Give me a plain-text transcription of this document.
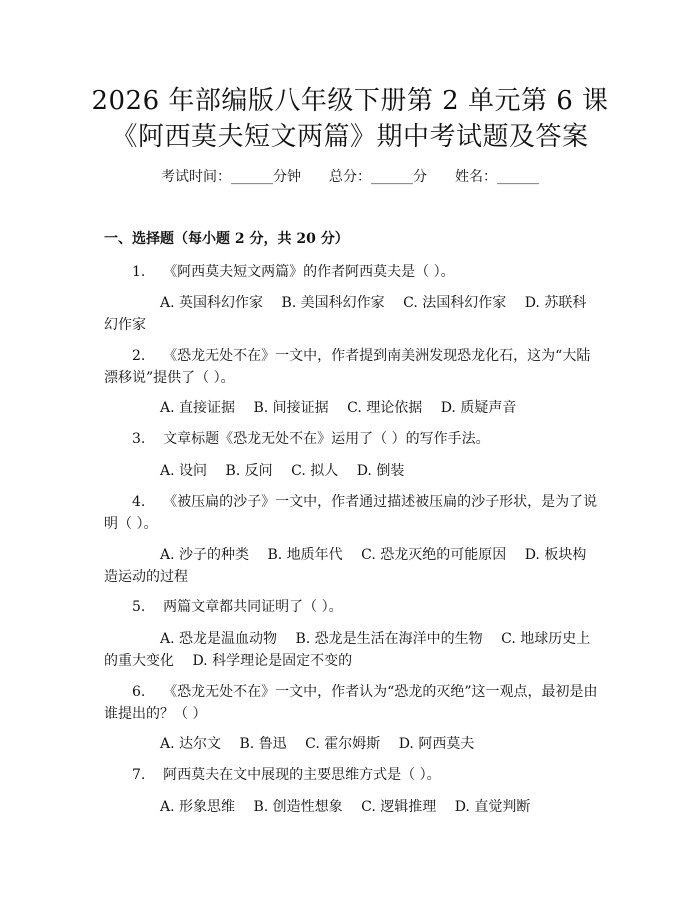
2026 年部编版八年级下册第 2 单元第 6 课
《阿西莫夫短文两篇》期中考试题及答案
考试时间：______分钟 总分：______分 姓名：______
一、选择题（每小题 2 分，共 20 分）
1. 《阿西莫夫短文两篇》的作者阿西莫夫是（ ）。
A. 英国科幻作家 B. 美国科幻作家 C. 法国科幻作家 D. 苏联科幻作家
2. 《恐龙无处不在》一文中，作者提到南美洲发现恐龙化石，这为“大陆漂移说”提供了（ ）。
A. 直接证据 B. 间接证据 C. 理论依据 D. 质疑声音
3. 文章标题《恐龙无处不在》运用了（ ）的写作手法。
A. 设问 B. 反问 C. 拟人 D. 倒装
4. 《被压扁的沙子》一文中，作者通过描述被压扁的沙子形状，是为了说明（ ）。
A. 沙子的种类 B. 地质年代 C. 恐龙灭绝的可能原因 D. 板块构造运动的过程
5. 两篇文章都共同证明了（ ）。
A. 恐龙是温血动物 B. 恐龙是生活在海洋中的生物 C. 地球历史上的重大变化 D. 科学理论是固定不变的
6. 《恐龙无处不在》一文中，作者认为“恐龙的灭绝”这一观点，最初是由谁提出的？（ ）
A. 达尔文 B. 鲁迅 C. 霍尔姆斯 D. 阿西莫夫
7. 阿西莫夫在文中展现的主要思维方式是（ ）。
A. 形象思维 B. 创造性想象 C. 逻辑推理 D. 直觉判断
